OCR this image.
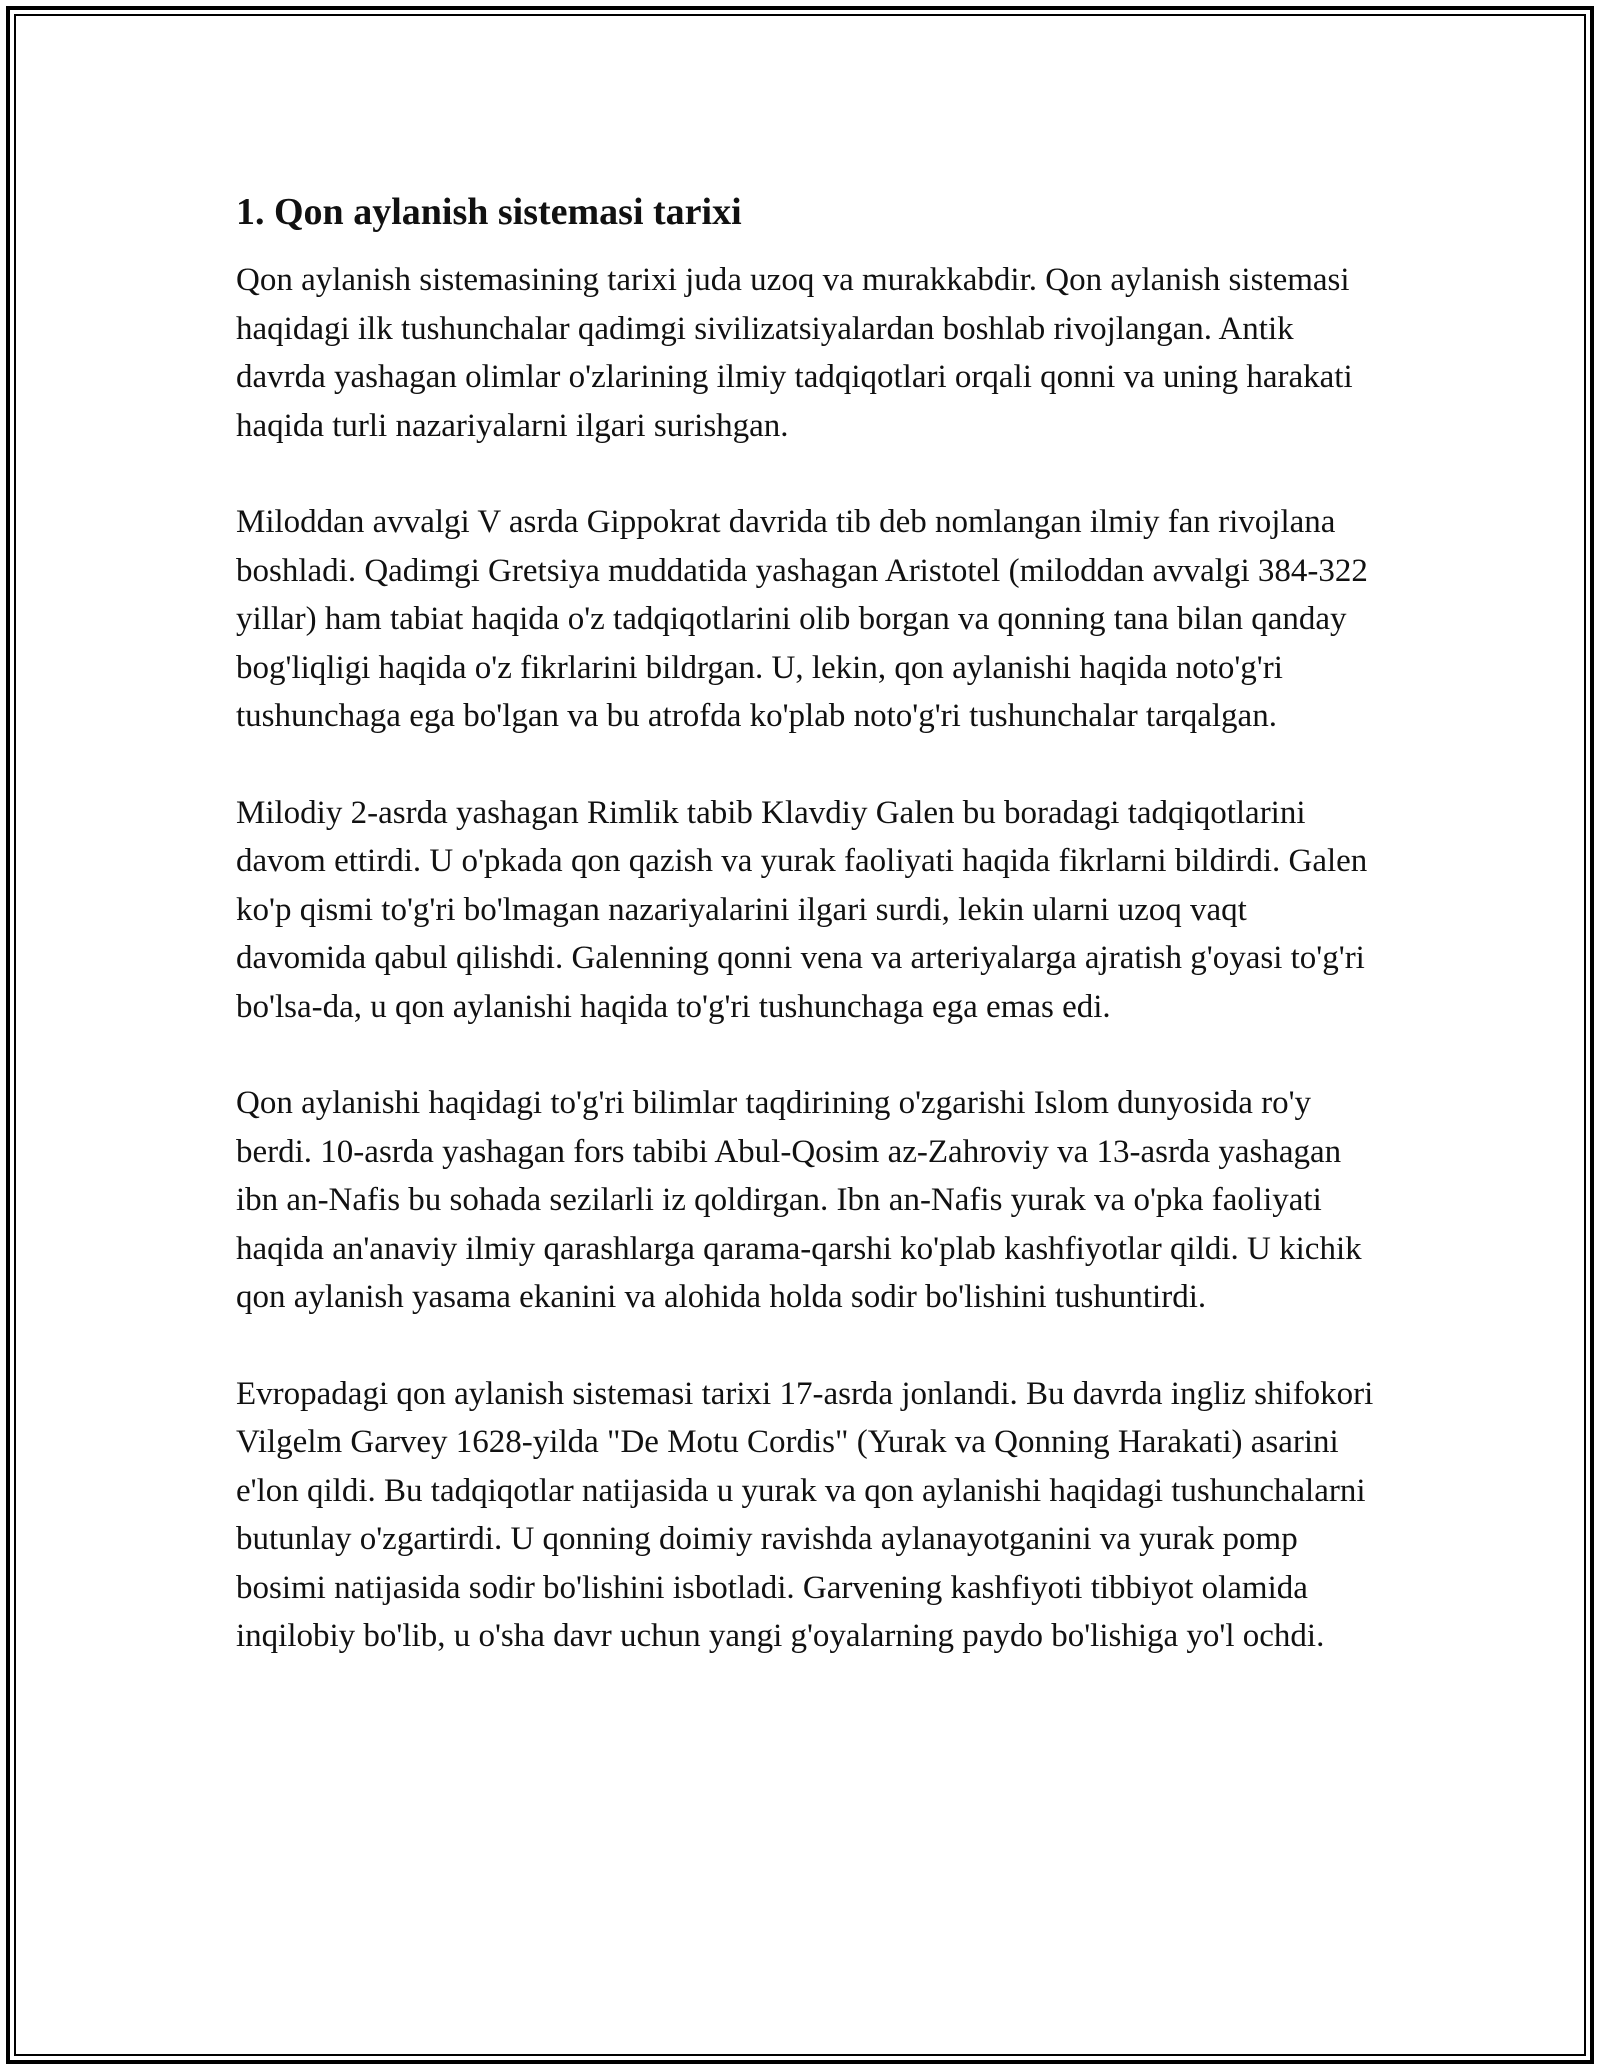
1. Qon aylanish sistemasi tarixi

Qon aylanish sistemasining tarixi juda uzoq va murakkabdir. Qon aylanish sistemasi haqidagi ilk tushunchalar qadimgi sivilizatsiyalardan boshlab rivojlangan. Antik davrda yashagan olimlar o'zlarining ilmiy tadqiqotlari orqali qonni va uning harakati haqida turli nazariyalarni ilgari surishgan.

Miloddan avvalgi V asrda Gippokrat davrida tib deb nomlangan ilmiy fan rivojlana boshladi. Qadimgi Gretsiya muddatida yashagan Aristotel (miloddan avvalgi 384-322 yillar) ham tabiat haqida o'z tadqiqotlarini olib borgan va qonning tana bilan qanday bog'liqligi haqida o'z fikrlarini bildrgan. U, lekin, qon aylanishi haqida noto'g'ri tushunchaga ega bo'lgan va bu atrofda ko'plab noto'g'ri tushunchalar tarqalgan.

Milodiy 2-asrda yashagan Rimlik tabib Klavdiy Galen bu boradagi tadqiqotlarini davom ettirdi. U o'pkada qon qazish va yurak faoliyati haqida fikrlarni bildirdi. Galen ko'p qismi to'g'ri bo'lmagan nazariyalarini ilgari surdi, lekin ularni uzoq vaqt davomida qabul qilishdi. Galenning qonni vena va arteriyalarga ajratish g'oyasi to'g'ri bo'lsa-da, u qon aylanishi haqida to'g'ri tushunchaga ega emas edi.

Qon aylanishi haqidagi to'g'ri bilimlar taqdirining o'zgarishi Islom dunyosida ro'y berdi. 10-asrda yashagan fors tabibi Abul-Qosim az-Zahroviy va 13-asrda yashagan ibn an-Nafis bu sohada sezilarli iz qoldirgan. Ibn an-Nafis yurak va o'pka faoliyati haqida an'anaviy ilmiy qarashlarga qarama-qarshi ko'plab kashfiyotlar qildi. U kichik qon aylanish yasama ekanini va alohida holda sodir bo'lishini tushuntirdi.

Evropadagi qon aylanish sistemasi tarixi 17-asrda jonlandi. Bu davrda ingliz shifokori Vilgelm Garvey 1628-yilda "De Motu Cordis" (Yurak va Qonning Harakati) asarini e'lon qildi. Bu tadqiqotlar natijasida u yurak va qon aylanishi haqidagi tushunchalarni butunlay o'zgartirdi. U qonning doimiy ravishda aylanayotganini va yurak pomp bosimi natijasida sodir bo'lishini isbotladi. Garvening kashfiyoti tibbiyot olamida inqilobiy bo'lib, u o'sha davr uchun yangi g'oyalarning paydo bo'lishiga yo'l ochdi.
